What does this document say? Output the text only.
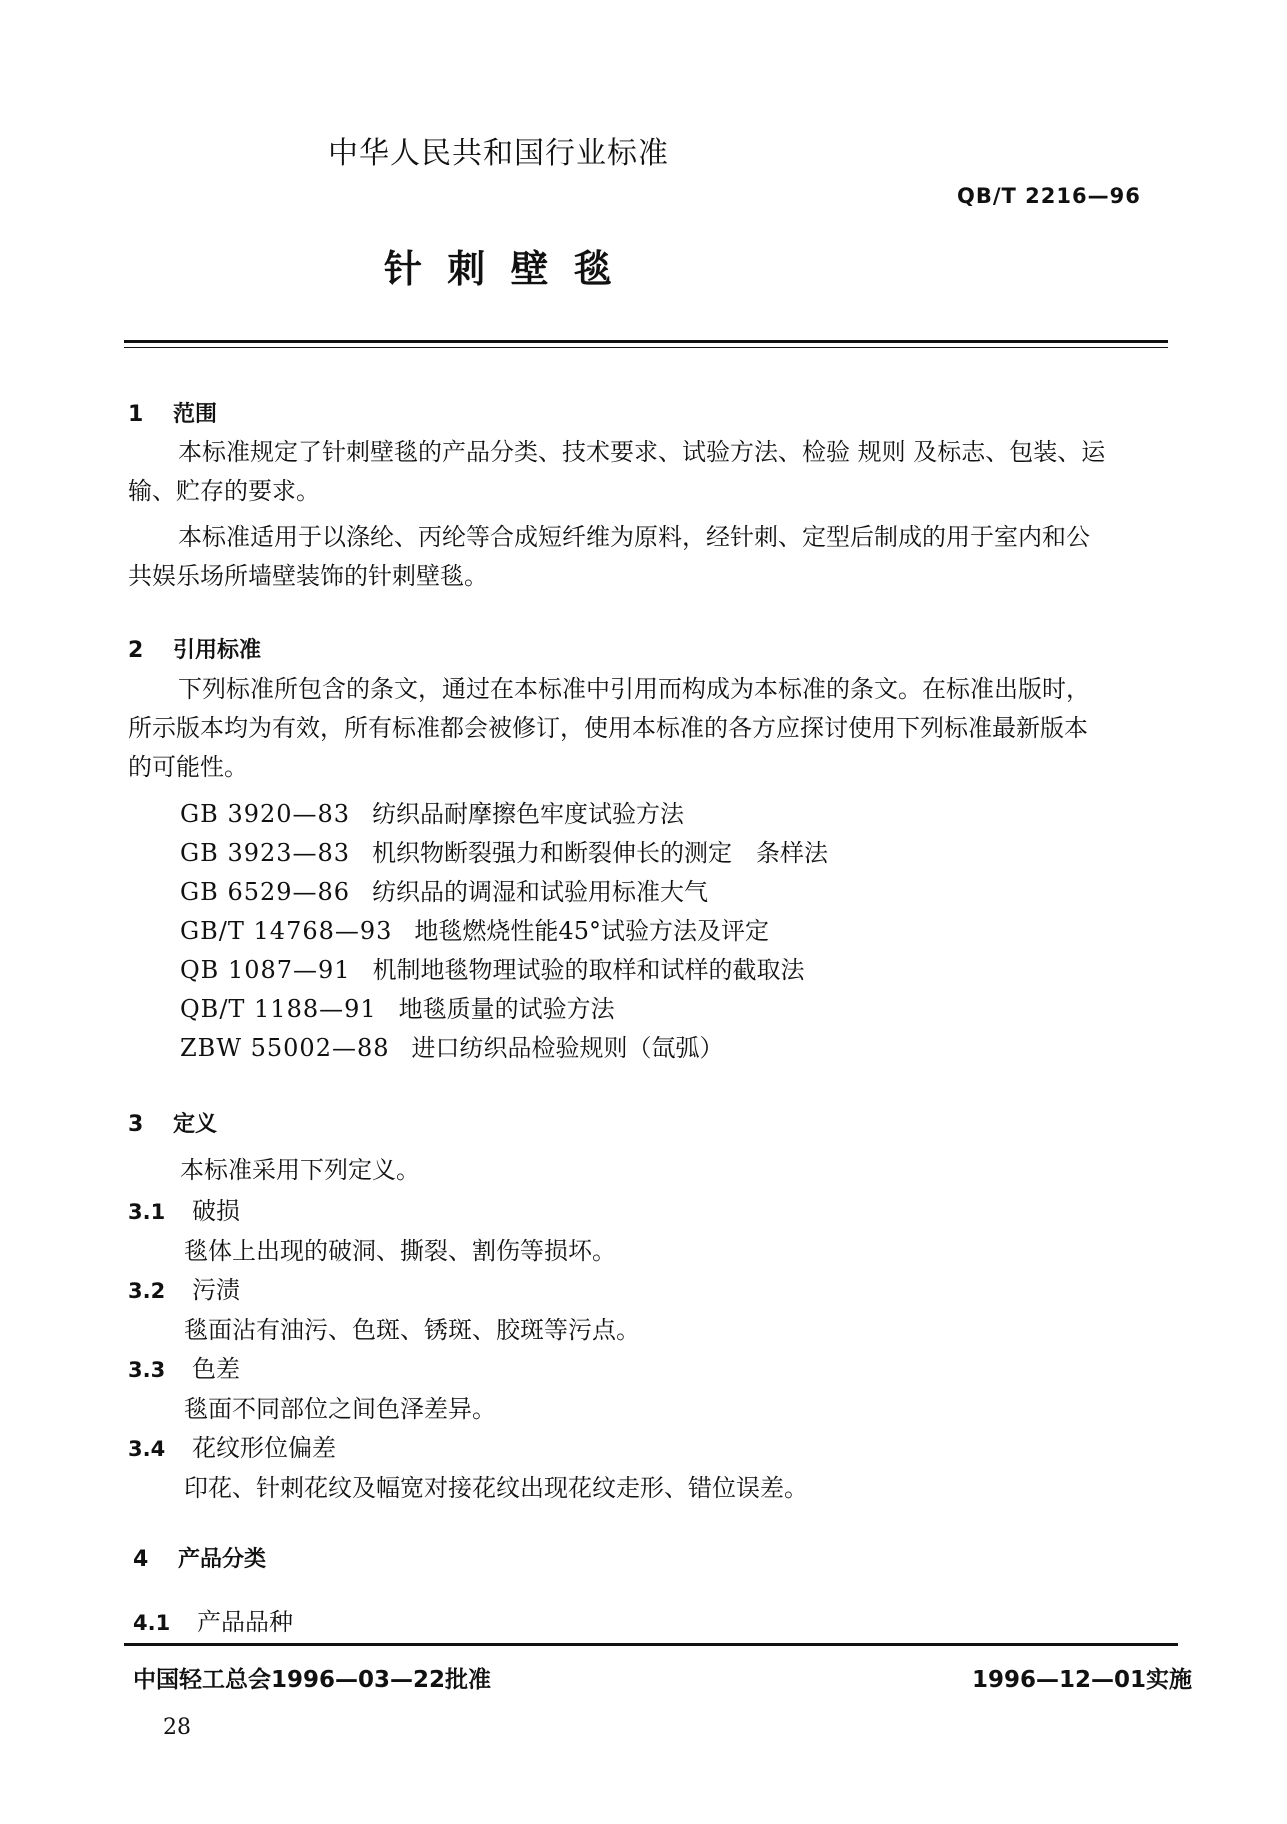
中华人民共和国行业标准
QB/T 2216—96
针 刺 壁 毯
1 范围
本标准规定了针刺壁毯的产品分类、技术要求、试验方法、检验 规则 及标志、包装、运
输、贮存的要求。
本标准适用于以涤纶、丙纶等合成短纤维为原料，经针刺、定型后制成的用于室内和公
共娱乐场所墙壁装饰的针刺壁毯。
2 引用标准
下列标准所包含的条文，通过在本标准中引用而构成为本标准的条文。在标准出版时，
所示版本均为有效，所有标准都会被修订，使用本标准的各方应探讨使用下列标准最新版本
的可能性。
GB 3920—83 纺织品耐摩擦色牢度试验方法
GB 3923—83 机织物断裂强力和断裂伸长的测定　条样法
GB 6529—86 纺织品的调湿和试验用标准大气
GB/T 14768—93 地毯燃烧性能45°试验方法及评定
QB 1087—91 机制地毯物理试验的取样和试样的截取法
QB/T 1188—91 地毯质量的试验方法
ZBW 55002—88 进口纺织品检验规则（氙弧）
3 定义
本标准采用下列定义。
3.1 破损
毯体上出现的破洞、撕裂、割伤等损坏。
3.2 污渍
毯面沾有油污、色斑、锈斑、胶斑等污点。
3.3 色差
毯面不同部位之间色泽差异。
3.4 花纹形位偏差
印花、针刺花纹及幅宽对接花纹出现花纹走形、错位误差。
4 产品分类
4.1 产品品种
中国轻工总会1996—03—22批准	1996—12—01实施
28
